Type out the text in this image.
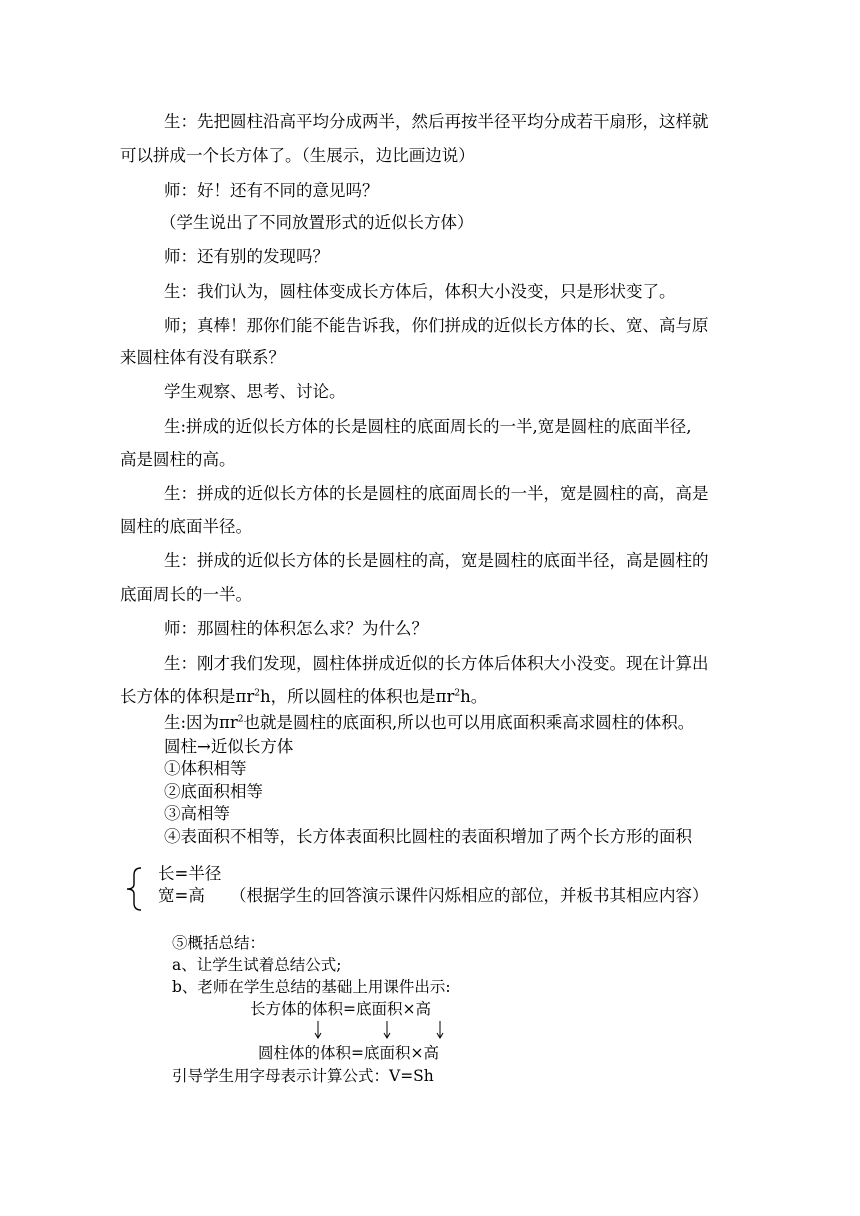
生：先把圆柱沿高平均分成两半，然后再按半径平均分成若干扇形，这样就
可以拼成一个长方体了。（生展示，边比画边说）
师：好！还有不同的意见吗？
（学生说出了不同放置形式的近似长方体）
师：还有别的发现吗？
生：我们认为，圆柱体变成长方体后，体积大小没变，只是形状变了。
师；真棒！那你们能不能告诉我，你们拼成的近似长方体的长、宽、高与原
来圆柱体有没有联系？
学生观察、思考、讨论。
生:拼成的近似长方体的长是圆柱的底面周长的一半,宽是圆柱的底面半径,
高是圆柱的高。
生：拼成的近似长方体的长是圆柱的底面周长的一半，宽是圆柱的高，高是
圆柱的底面半径。
生：拼成的近似长方体的长是圆柱的高，宽是圆柱的底面半径，高是圆柱的
底面周长的一半。
师：那圆柱的体积怎么求？为什么？
生：刚才我们发现，圆柱体拼成近似的长方体后体积大小没变。现在计算出
长方体的体积是$\pi r^2h$，所以圆柱的体积也是$\pi r^2h$。
生:因为$\pi r^2$也就是圆柱的底面积,所以也可以用底面积乘高求圆柱的体积。
圆柱→近似长方体
①体积相等
②底面积相等
③高相等
④表面积不相等，长方体表面积比圆柱的表面积增加了两个长方形的面积
长=半径
宽=高 （根据学生的回答演示课件闪烁相应的部位，并板书其相应内容）
⑤概括总结：
a、让学生试着总结公式;
b、老师在学生总结的基础上用课件出示:
长方体的体积=底面积×高
圆柱体的体积=底面积×高
引导学生用字母表示计算公式：V=Sh
